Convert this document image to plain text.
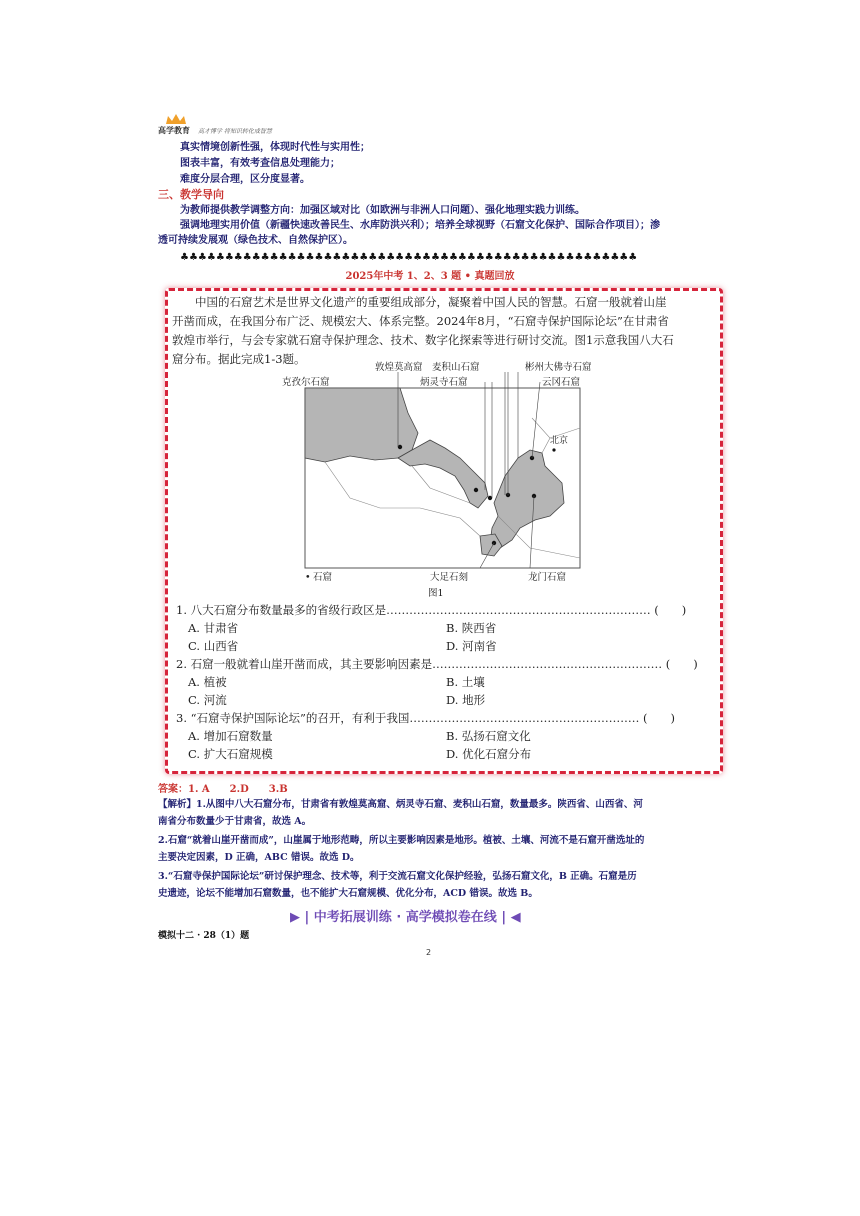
高学教育 高才博学 将知识转化成智慧
真实情境创新性强，体现时代性与实用性；
图表丰富，有效考查信息处理能力；
难度分层合理，区分度显著。
三、教学导向
为教师提供教学调整方向：加强区域对比（如欧洲与非洲人口问题）、强化地理实践力训练。
强调地理实用价值（新疆快速改善民生、水库防洪兴利）；培养全球视野（石窟文化保护、国际合作项目）；渗
透可持续发展观（绿色技术、自然保护区）。
♣♣♣♣♣♣♣♣♣♣♣♣♣♣♣♣♣♣♣♣♣♣♣♣♣♣♣♣♣♣♣♣♣♣♣♣♣♣♣♣♣♣♣♣♣♣♣♣♣♣♣
2025年中考 1、2、3 题 • 真题回放
中国的石窟艺术是世界文化遗产的重要组成部分，凝聚着中国人民的智慧。石窟一般就着山崖
开凿而成，在我国分布广泛、规模宏大、体系完整。2024年8月，“石窟寺保护国际论坛”在甘肃省
敦煌市举行，与会专家就石窟寺保护理念、技术、数字化探索等进行研讨交流。图1示意我国八大石
窟分布。据此完成1-3题。
敦煌莫高窟 麦积山石窟
炳灵寺石窟
彬州大佛寺石窟
云冈石窟
克孜尔石窟
北京
大足石刻	龙门石窟
• 石窟
图1
1. 八大石窟分布数量最多的省级行政区是…………………………………………………………… (　　)
A. 甘肃省	B. 陕西省
C. 山西省	D. 河南省
2. 石窟一般就着山崖开凿而成，其主要影响因素是…………………………………………………… (　　)
A. 植被	B. 土壤
C. 河流	D. 地形
3. “石窟寺保护国际论坛”的召开，有利于我国…………………………………………………… (　　)
A. 增加石窟数量	B. 弘扬石窟文化
C. 扩大石窟规模	D. 优化石窟分布
答案：1. A　　2.D　　3.B
【解析】1.从图中八大石窟分布，甘肃省有敦煌莫高窟、炳灵寺石窟、麦积山石窟，数量最多。陕西省、山西省、河
南省分布数量少于甘肃省，故选 A。
2.石窟“就着山崖开凿而成”，山崖属于地形范畴，所以主要影响因素是地形。植被、土壤、河流不是石窟开凿选址的
主要决定因素，D 正确，ABC 错误。故选 D。
3.“石窟寺保护国际论坛”研讨保护理念、技术等，利于交流石窟文化保护经验，弘扬石窟文化，B 正确。石窟是历
史遗迹，论坛不能增加石窟数量，也不能扩大石窟规模、优化分布，ACD 错误。故选 B。
▶ | 中考拓展训练 · 高学模拟卷在线 | ◀
模拟十二 · 28（1）题
2
